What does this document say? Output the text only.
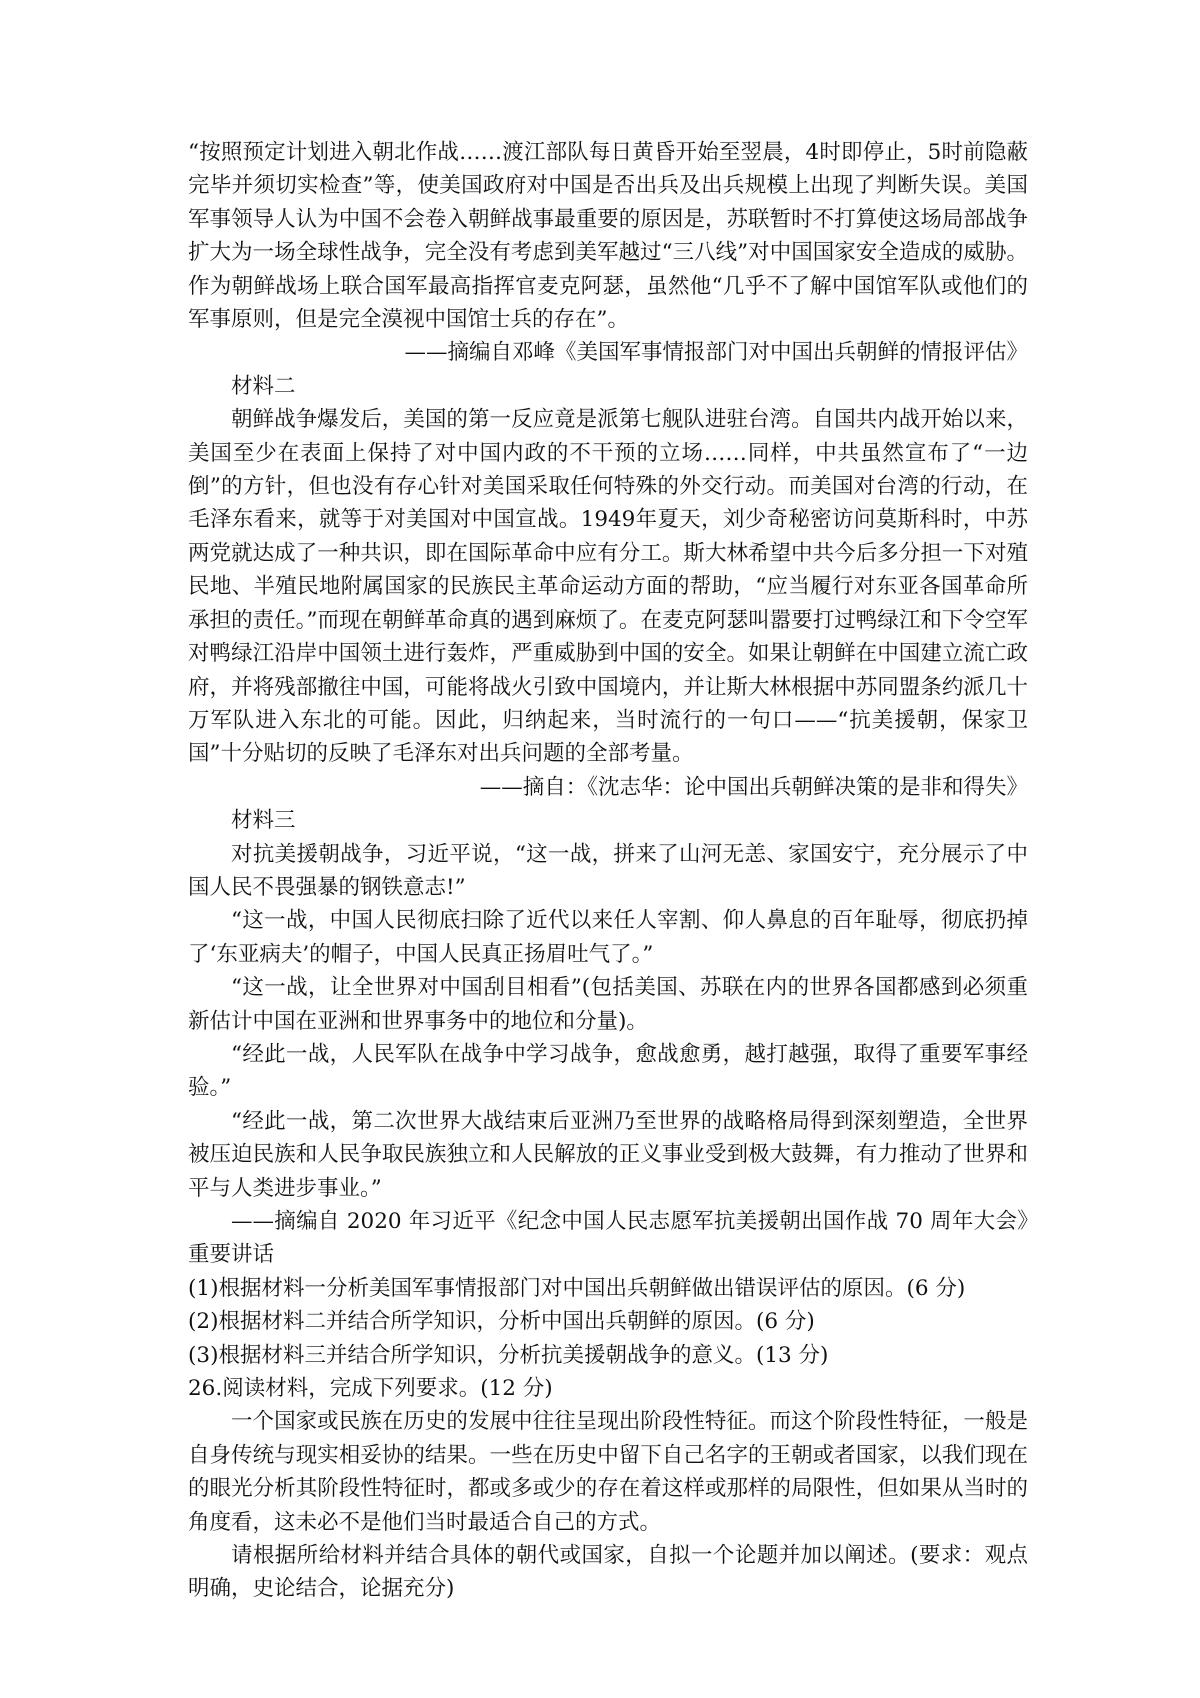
“按照预定计划进入朝北作战……渡江部队每日黄昏开始至翌晨，4时即停止，5时前隐蔽完毕并须切实检查”等，使美国政府对中国是否出兵及出兵规模上出现了判断失误。美国军事领导人认为中国不会卷入朝鲜战事最重要的原因是，苏联暂时不打算使这场局部战争扩大为一场全球性战争，完全没有考虑到美军越过“三八线”对中国国家安全造成的威胁。作为朝鲜战场上联合国军最高指挥官麦克阿瑟，虽然他“几乎不了解中国馆军队或他们的军事原则，但是完全漠视中国馆士兵的存在”。

——摘编自邓峰《美国军事情报部门对中国出兵朝鲜的情报评估》

材料二

朝鲜战争爆发后，美国的第一反应竟是派第七舰队进驻台湾。自国共内战开始以来，美国至少在表面上保持了对中国内政的不干预的立场……同样，中共虽然宣布了“一边倒”的方针，但也没有存心针对美国采取任何特殊的外交行动。而美国对台湾的行动，在毛泽东看来，就等于对美国对中国宣战。1949年夏天，刘少奇秘密访问莫斯科时，中苏两党就达成了一种共识，即在国际革命中应有分工。斯大林希望中共今后多分担一下对殖民地、半殖民地附属国家的民族民主革命运动方面的帮助，“应当履行对东亚各国革命所承担的责任。”而现在朝鲜革命真的遇到麻烦了。在麦克阿瑟叫嚣要打过鸭绿江和下令空军对鸭绿江沿岸中国领土进行轰炸，严重威胁到中国的安全。如果让朝鲜在中国建立流亡政府，并将残部撤往中国，可能将战火引致中国境内，并让斯大林根据中苏同盟条约派几十万军队进入东北的可能。因此，归纳起来，当时流行的一句口——“抗美援朝，保家卫国”十分贴切的反映了毛泽东对出兵问题的全部考量。

——摘自：《沈志华：论中国出兵朝鲜决策的是非和得失》

材料三

对抗美援朝战争，习近平说，“这一战，拼来了山河无恙、家国安宁，充分展示了中国人民不畏强暴的钢铁意志!”

“这一战，中国人民彻底扫除了近代以来任人宰割、仰人鼻息的百年耻辱，彻底扔掉了‘东亚病夫’的帽子，中国人民真正扬眉吐气了。”

“这一战，让全世界对中国刮目相看”(包括美国、苏联在内的世界各国都感到必须重新估计中国在亚洲和世界事务中的地位和分量)。

“经此一战，人民军队在战争中学习战争，愈战愈勇，越打越强，取得了重要军事经验。”

“经此一战，第二次世界大战结束后亚洲乃至世界的战略格局得到深刻塑造，全世界被压迫民族和人民争取民族独立和人民解放的正义事业受到极大鼓舞，有力推动了世界和平与人类进步事业。”

——摘编自 2020 年习近平《纪念中国人民志愿军抗美援朝出国作战 70 周年大会》重要讲话

(1)根据材料一分析美国军事情报部门对中国出兵朝鲜做出错误评估的原因。(6 分)

(2)根据材料二并结合所学知识，分析中国出兵朝鲜的原因。(6 分)

(3)根据材料三并结合所学知识，分析抗美援朝战争的意义。(13 分)

26.阅读材料，完成下列要求。(12 分)

一个国家或民族在历史的发展中往往呈现出阶段性特征。而这个阶段性特征，一般是自身传统与现实相妥协的结果。一些在历史中留下自己名字的王朝或者国家，以我们现在的眼光分析其阶段性特征时，都或多或少的存在着这样或那样的局限性，但如果从当时的角度看，这未必不是他们当时最适合自己的方式。

请根据所给材料并结合具体的朝代或国家，自拟一个论题并加以阐述。(要求：观点明确，史论结合，论据充分)
